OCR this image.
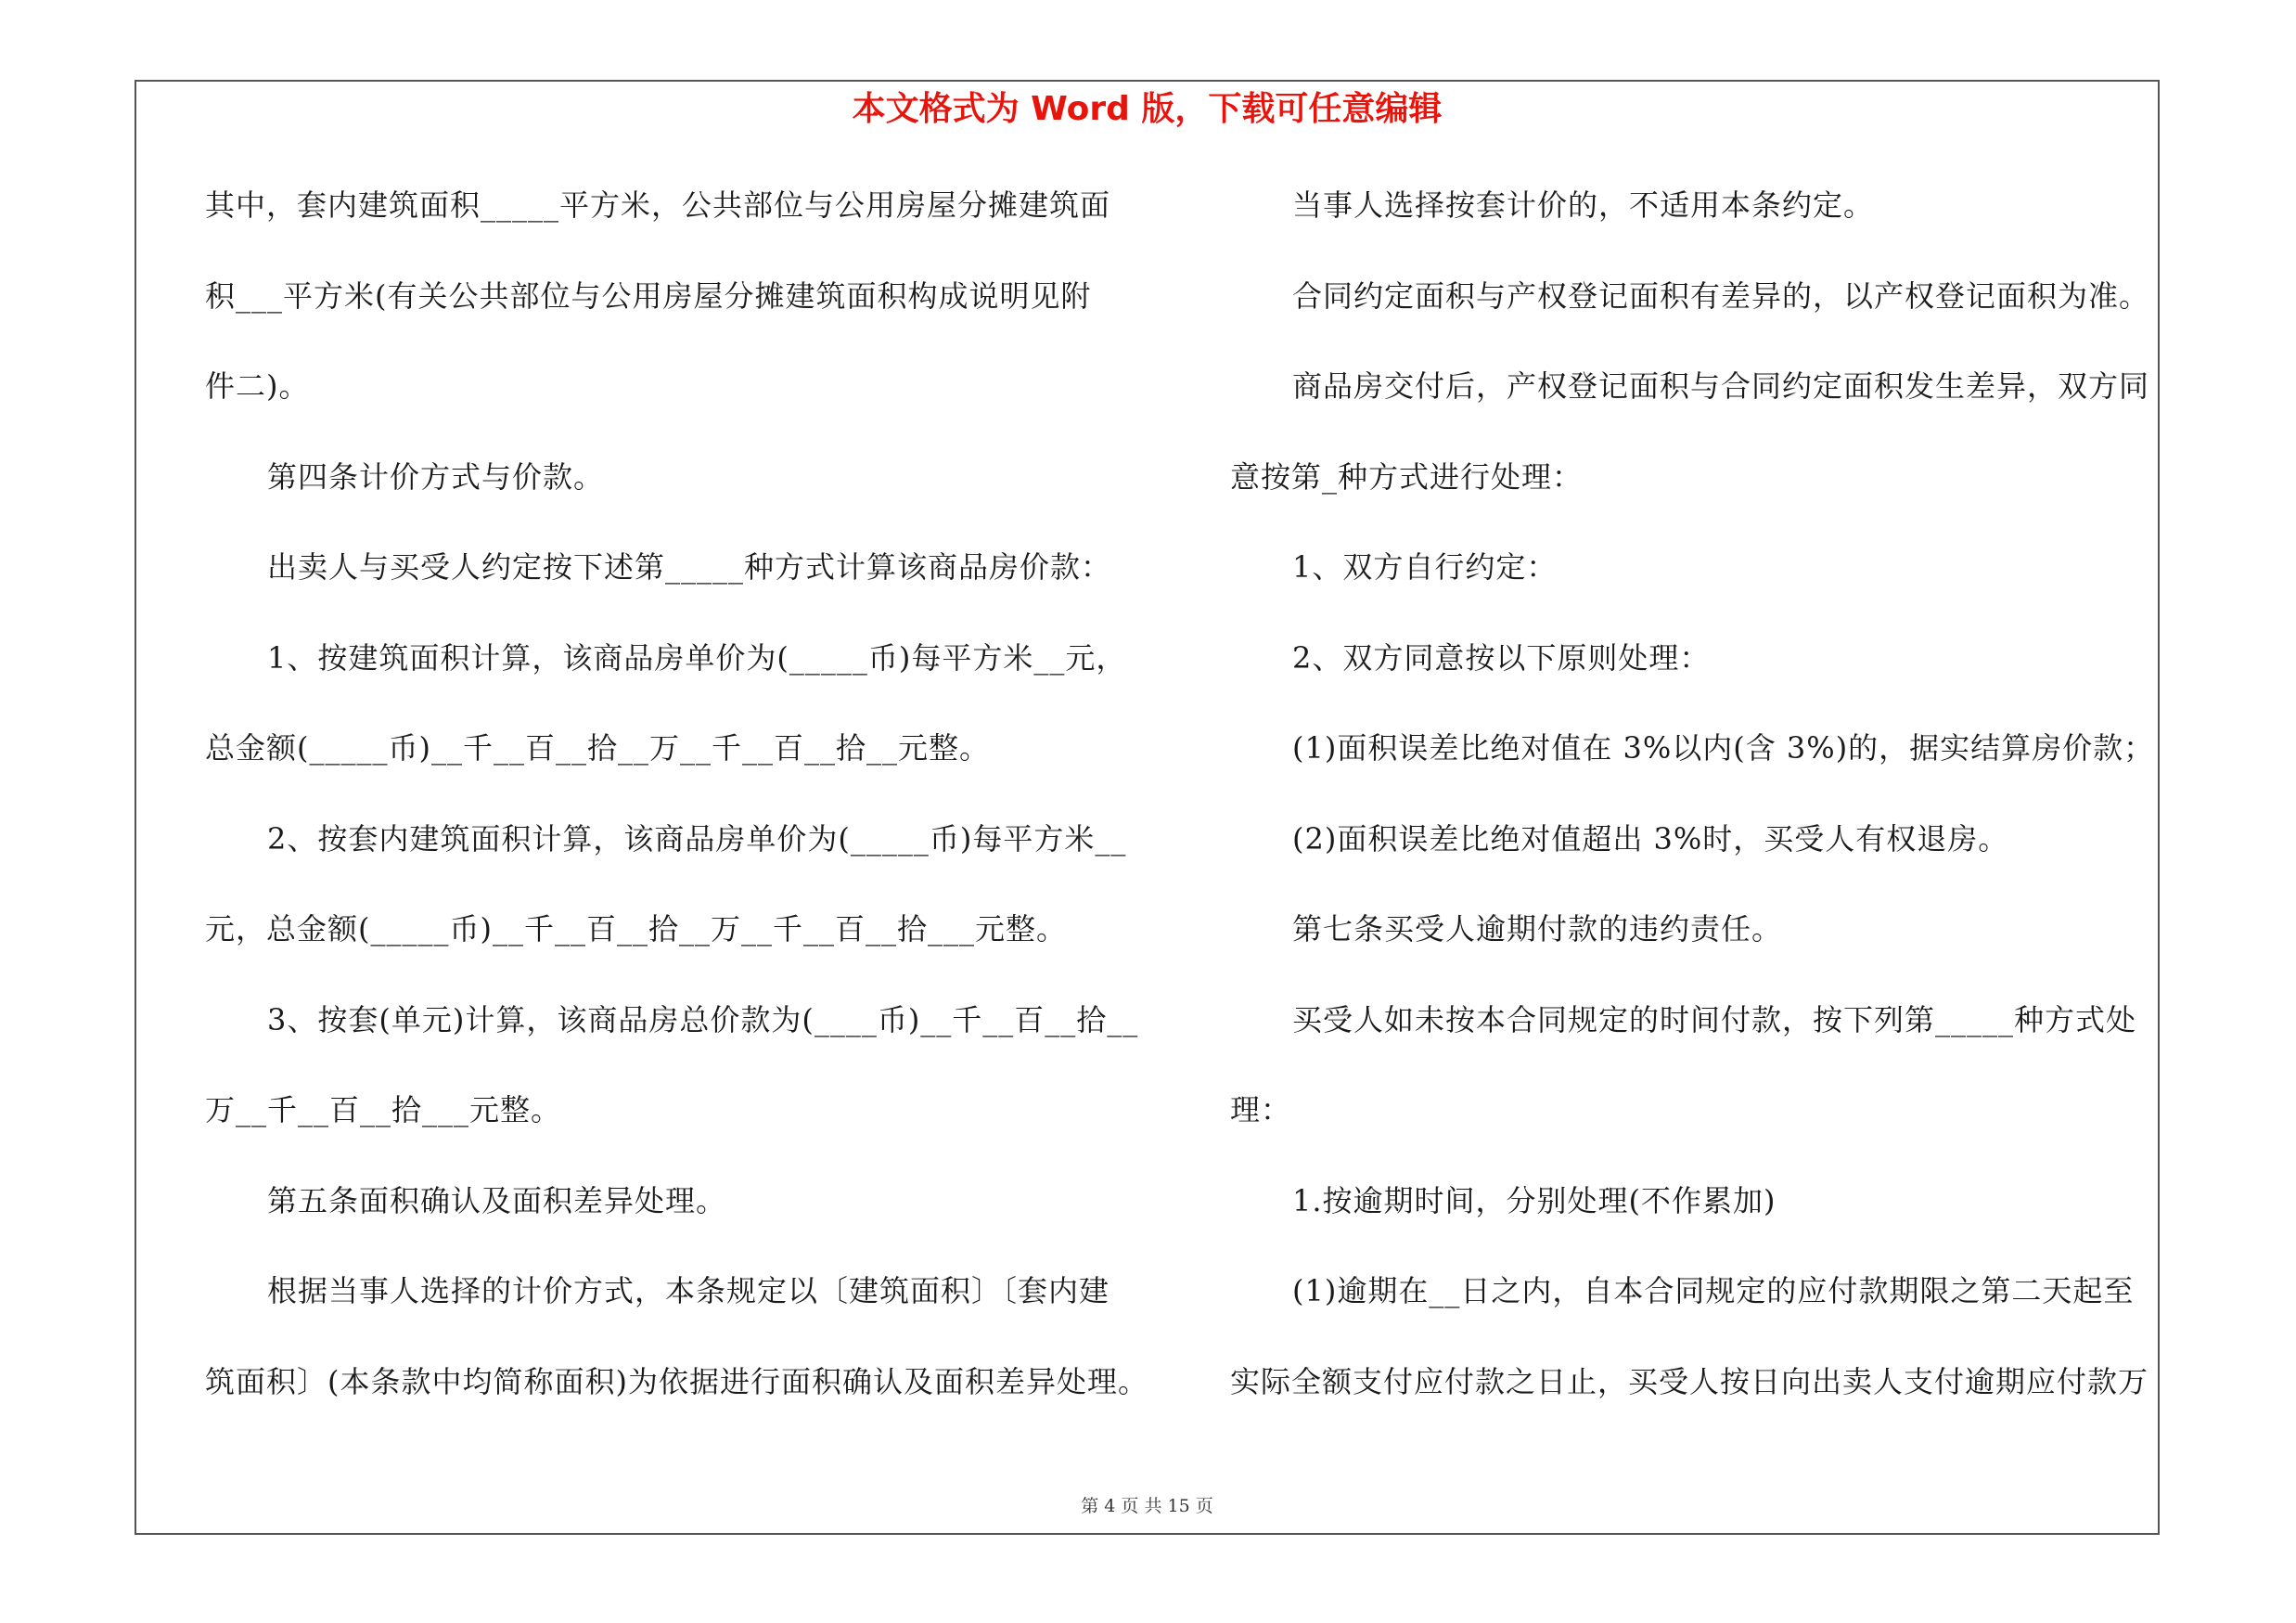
本文格式为 Word 版，下载可任意编辑
其中，套内建筑面积_____平方米，公共部位与公用房屋分摊建筑面
积___平方米(有关公共部位与公用房屋分摊建筑面积构成说明见附
件二)。
第四条计价方式与价款。
出卖人与买受人约定按下述第_____种方式计算该商品房价款：
1、按建筑面积计算，该商品房单价为(_____币)每平方米__元，
总金额(_____币)__千__百__拾__万__千__百__拾__元整。
2、按套内建筑面积计算，该商品房单价为(_____币)每平方米__
元，总金额(_____币)__千__百__拾__万__千__百__拾___元整。
3、按套(单元)计算，该商品房总价款为(____币)__千__百__拾__
万__千__百__拾___元整。
第五条面积确认及面积差异处理。
根据当事人选择的计价方式，本条规定以〔建筑面积〕〔套内建
筑面积〕(本条款中均简称面积)为依据进行面积确认及面积差异处理。
当事人选择按套计价的，不适用本条约定。
合同约定面积与产权登记面积有差异的，以产权登记面积为准。
商品房交付后，产权登记面积与合同约定面积发生差异，双方同
意按第_种方式进行处理：
1、双方自行约定：
2、双方同意按以下原则处理：
(1)面积误差比绝对值在 3%以内(含 3%)的，据实结算房价款；
(2)面积误差比绝对值超出 3%时，买受人有权退房。
第七条买受人逾期付款的违约责任。
买受人如未按本合同规定的时间付款，按下列第_____种方式处
理：
1.按逾期时间，分别处理(不作累加)
(1)逾期在__日之内，自本合同规定的应付款期限之第二天起至
实际全额支付应付款之日止，买受人按日向出卖人支付逾期应付款万
第 4 页 共 15 页
